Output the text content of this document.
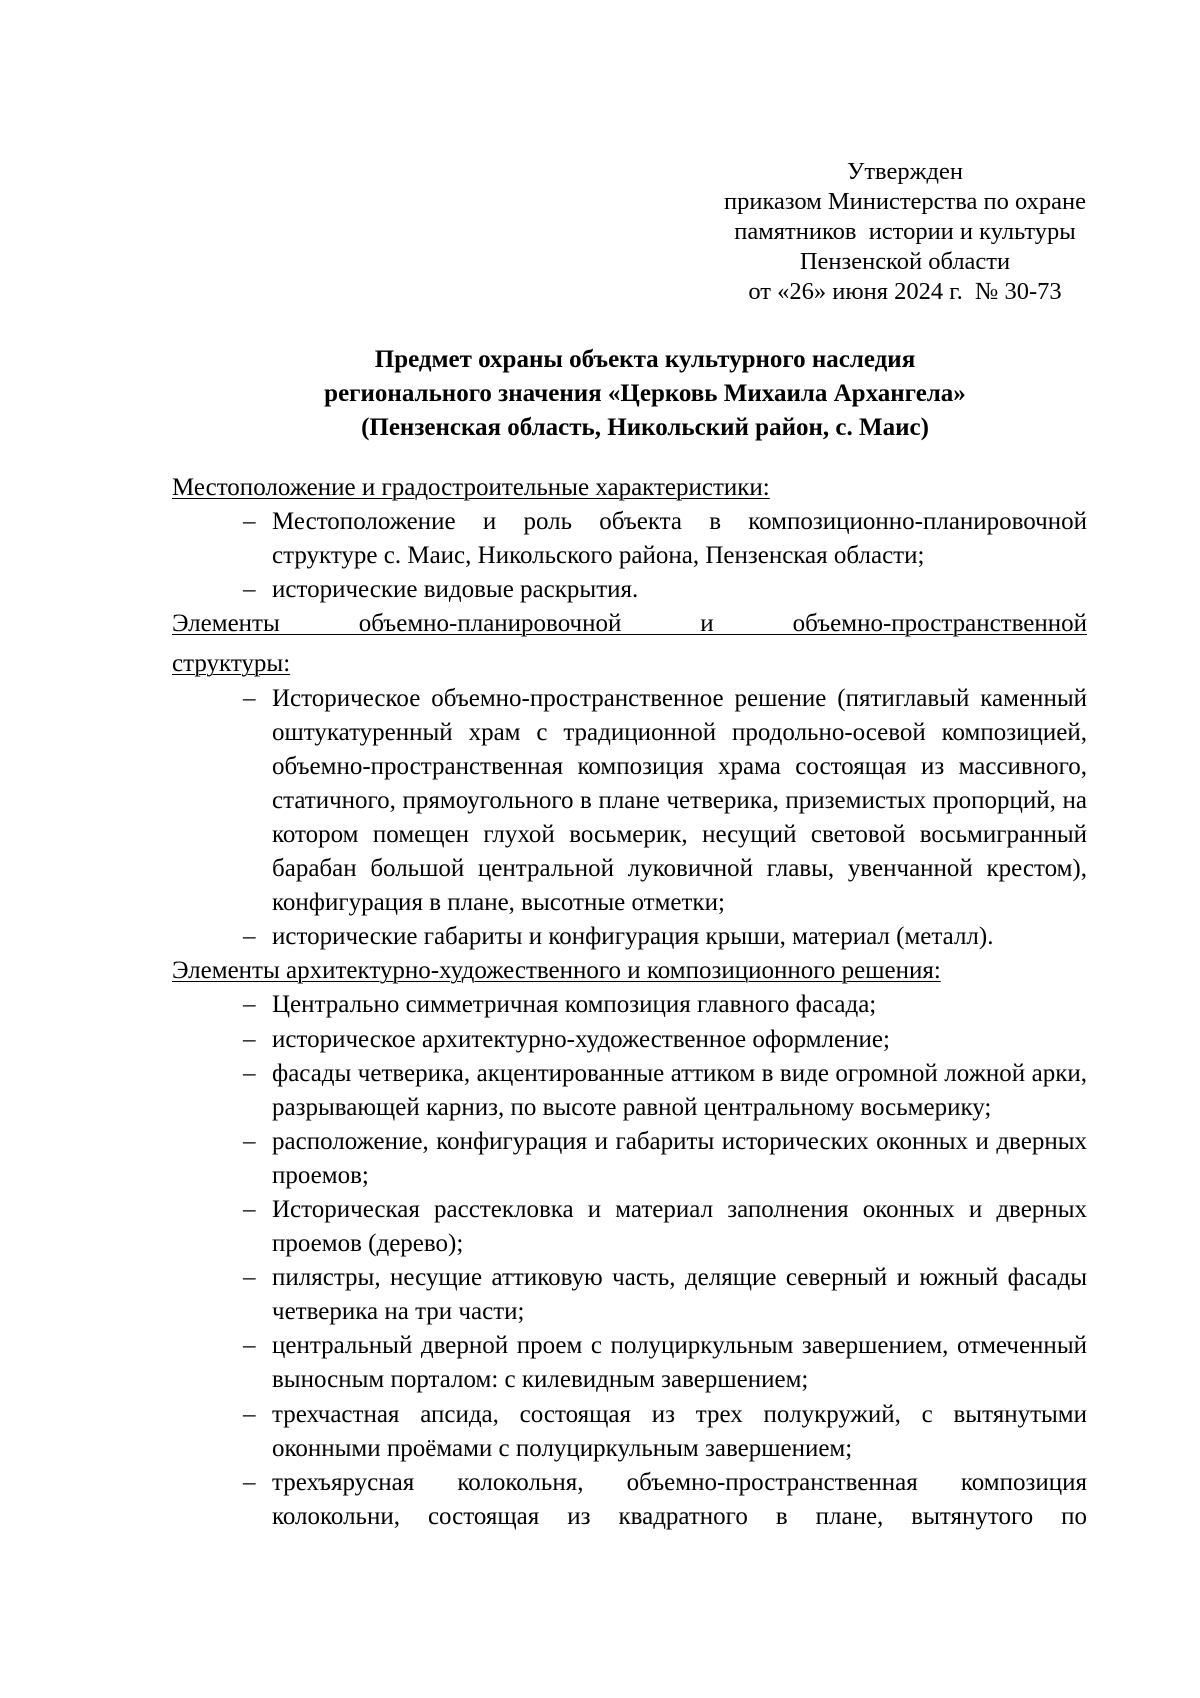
Утвержден
приказом Министерства по охране
памятников  истории и культуры
Пензенской области
от «26» июня 2024 г.  № 30-73
Предмет охраны объекта культурного наследия
регионального значения «Церковь Михаила Архангела»
(Пензенская область, Никольский район, с. Маис)
Местоположение и градостроительные характеристики:
– Местоположение и роль объекта в композиционно-планировочной структуре с. Маис, Никольского района, Пензенская области;
– исторические видовые раскрытия.
Элементы объемно-планировочной и объемно-пространственной
структуры:
– Историческое объемно-пространственное решение (пятиглавый каменный оштукатуренный храм с традиционной продольно-осевой композицией, объемно-пространственная композиция храма состоящая из массивного, статичного, прямоугольного в плане четверика, приземистых пропорций, на котором помещен глухой восьмерик, несущий световой восьмигранный барабан большой центральной луковичной главы, увенчанной крестом), конфигурация в плане, высотные отметки;
– исторические габариты и конфигурация крыши, материал (металл).
Элементы архитектурно-художественного и композиционного решения:
– Центрально симметричная композиция главного фасада;
– историческое архитектурно-художественное оформление;
– фасады четверика, акцентированные аттиком в виде огромной ложной арки, разрывающей карниз, по высоте равной центральному восьмерику;
– расположение, конфигурация и габариты исторических оконных и дверных проемов;
– Историческая расстекловка и материал заполнения оконных и дверных проемов (дерево);
– пилястры, несущие аттиковую часть, делящие северный и южный фасады четверика на три части;
– центральный дверной проем с полуциркульным завершением, отмеченный выносным порталом: с килевидным завершением;
– трехчастная апсида, состоящая из трех полукружий, с вытянутыми оконными проёмами с полуциркульным завершением;
– трехъярусная колокольня, объемно-пространственная композиция колокольни, состоящая из квадратного в плане, вытянутого по
